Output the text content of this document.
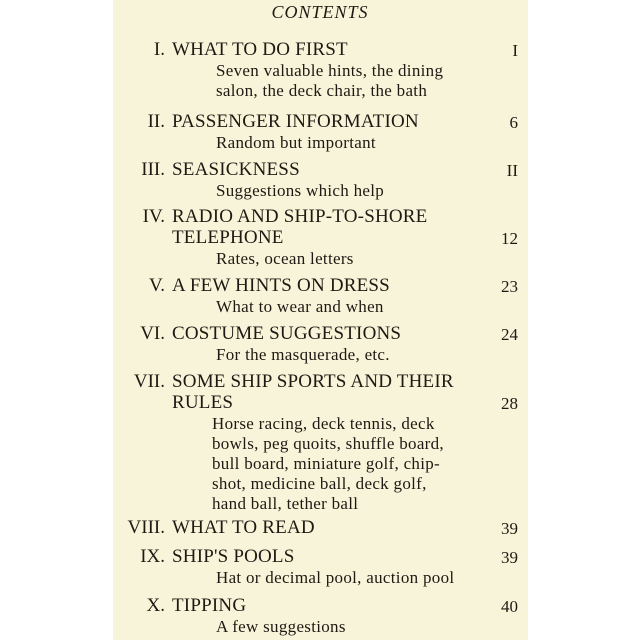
CONTENTS
I. WHAT TO DO FIRST	I
Seven valuable hints, the dining
salon, the deck chair, the bath
II. PASSENGER INFORMATION	6
Random but important
III. SEASICKNESS	II
Suggestions which help
IV. RADIO AND SHIP-TO-SHORE
TELEPHONE	12
Rates, ocean letters
V. A FEW HINTS ON DRESS	23
What to wear and when
VI. COSTUME SUGGESTIONS	24
For the masquerade, etc.
VII. SOME SHIP SPORTS AND THEIR
RULES	28
Horse racing, deck tennis, deck
bowls, peg quoits, shuffle board,
bull board, miniature golf, chip-
shot, medicine ball, deck golf,
hand ball, tether ball
VIII. WHAT TO READ	39
IX. SHIP'S POOLS	39
Hat or decimal pool, auction pool
X. TIPPING	40
A few suggestions
